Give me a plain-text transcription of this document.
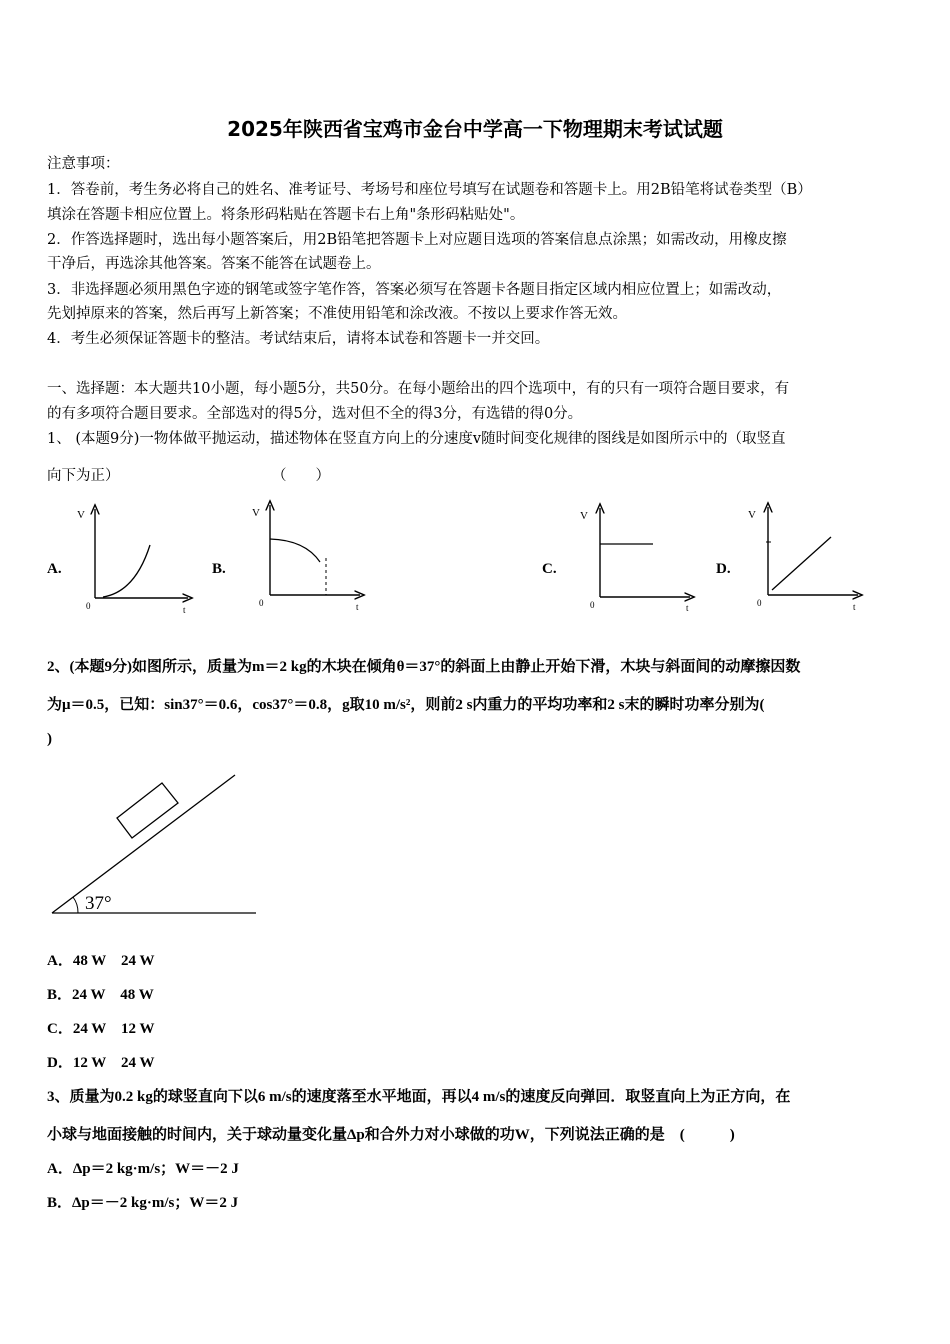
2025年陕西省宝鸡市金台中学高一下物理期末考试试题
注意事项：
1．答卷前，考生务必将自己的姓名、准考证号、考场号和座位号填写在试题卷和答题卡上。用2B铅笔将试卷类型（B）
填涂在答题卡相应位置上。将条形码粘贴在答题卡右上角"条形码粘贴处"。
2．作答选择题时，选出每小题答案后，用2B铅笔把答题卡上对应题目选项的答案信息点涂黑；如需改动，用橡皮擦
干净后，再选涂其他答案。答案不能答在试题卷上。
3．非选择题必须用黑色字迹的钢笔或签字笔作答，答案必须写在答题卡各题目指定区域内相应位置上；如需改动，
先划掉原来的答案，然后再写上新答案；不准使用铅笔和涂改液。不按以上要求作答无效。
4．考生必须保证答题卡的整洁。考试结束后，请将本试卷和答题卡一并交回。
一、选择题：本大题共10小题，每小题5分，共50分。在每小题给出的四个选项中，有的只有一项符合题目要求，有
的有多项符合题目要求。全部选对的得5分，选对但不全的得3分，有选错的得0分。
1、 (本题9分)一物体做平抛运动，描述物体在竖直方向上的分速度v随时间变化规律的图线是如图所示中的（取竖直
向下为正）	（　　）
A.	B.	C.	D.
V
0	t
V
0	t
V
0	t
V
0	t
37°
2、(本题9分)如图所示，质量为m＝2 kg的木块在倾角θ＝37°的斜面上由静止开始下滑，木块与斜面间的动摩擦因数
为μ＝0.5，已知：sin37°＝0.6，cos37°＝0.8，g取10 m/s²，则前2 s内重力的平均功率和2 s末的瞬时功率分别为(
)
A．48 W　24 W
B．24 W　48 W
C．24 W　12 W
D．12 W　24 W
3、质量为0.2 kg的球竖直向下以6 m/s的速度落至水平地面，再以4 m/s的速度反向弹回．取竖直向上为正方向，在
小球与地面接触的时间内，关于球动量变化量Δp和合外力对小球做的功W，下列说法正确的是　(　　　)
A．Δp＝2 kg·m/s；W＝－2 J
B．Δp＝－2 kg·m/s；W＝2 J
